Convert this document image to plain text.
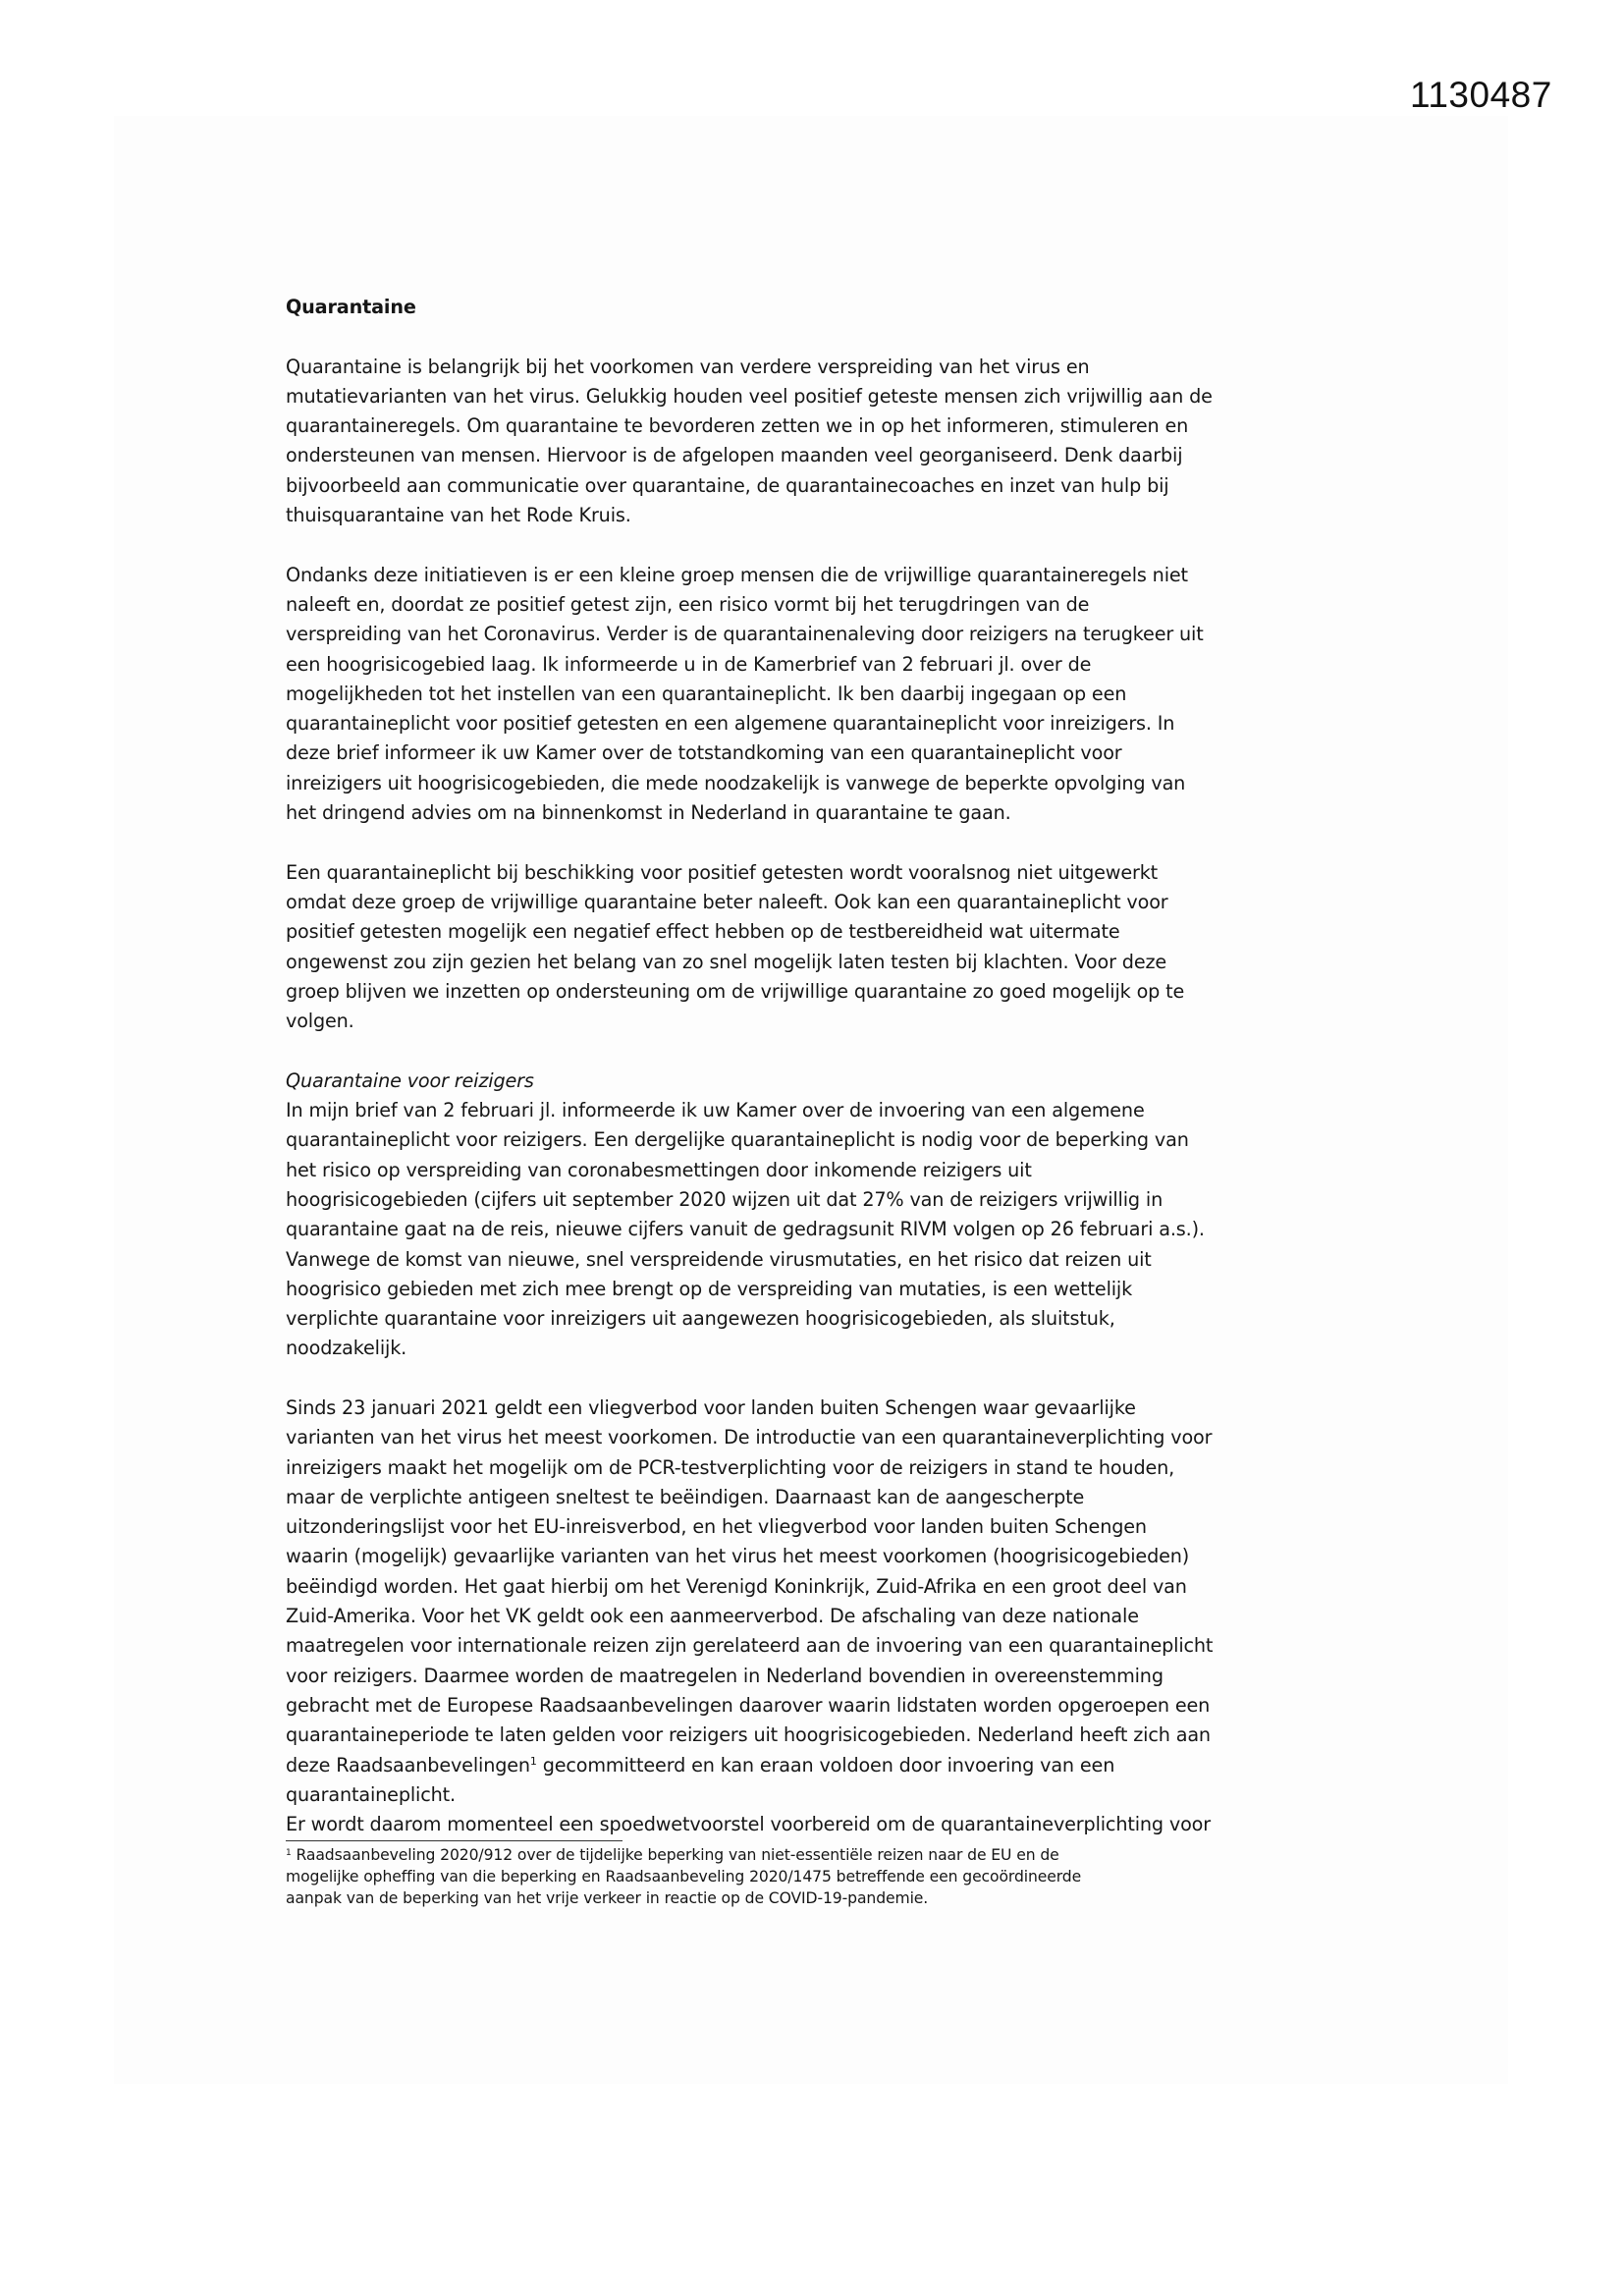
1130487
Quarantaine
Quarantaine is belangrijk bij het voorkomen van verdere verspreiding van het virus en
mutatievarianten van het virus. Gelukkig houden veel positief geteste mensen zich vrijwillig aan de
quarantaineregels. Om quarantaine te bevorderen zetten we in op het informeren, stimuleren en
ondersteunen van mensen. Hiervoor is de afgelopen maanden veel georganiseerd. Denk daarbij
bijvoorbeeld aan communicatie over quarantaine, de quarantainecoaches en inzet van hulp bij
thuisquarantaine van het Rode Kruis.
Ondanks deze initiatieven is er een kleine groep mensen die de vrijwillige quarantaineregels niet
naleeft en, doordat ze positief getest zijn, een risico vormt bij het terugdringen van de
verspreiding van het Coronavirus. Verder is de quarantainenaleving door reizigers na terugkeer uit
een hoogrisicogebied laag. Ik informeerde u in de Kamerbrief van 2 februari jl. over de
mogelijkheden tot het instellen van een quarantaineplicht. Ik ben daarbij ingegaan op een
quarantaineplicht voor positief getesten en een algemene quarantaineplicht voor inreizigers. In
deze brief informeer ik uw Kamer over de totstandkoming van een quarantaineplicht voor
inreizigers uit hoogrisicogebieden, die mede noodzakelijk is vanwege de beperkte opvolging van
het dringend advies om na binnenkomst in Nederland in quarantaine te gaan.
Een quarantaineplicht bij beschikking voor positief getesten wordt vooralsnog niet uitgewerkt
omdat deze groep de vrijwillige quarantaine beter naleeft. Ook kan een quarantaineplicht voor
positief getesten mogelijk een negatief effect hebben op de testbereidheid wat uitermate
ongewenst zou zijn gezien het belang van zo snel mogelijk laten testen bij klachten. Voor deze
groep blijven we inzetten op ondersteuning om de vrijwillige quarantaine zo goed mogelijk op te
volgen.
Quarantaine voor reizigers
In mijn brief van 2 februari jl. informeerde ik uw Kamer over de invoering van een algemene
quarantaineplicht voor reizigers. Een dergelijke quarantaineplicht is nodig voor de beperking van
het risico op verspreiding van coronabesmettingen door inkomende reizigers uit
hoogrisicogebieden (cijfers uit september 2020 wijzen uit dat 27% van de reizigers vrijwillig in
quarantaine gaat na de reis, nieuwe cijfers vanuit de gedragsunit RIVM volgen op 26 februari a.s.).
Vanwege de komst van nieuwe, snel verspreidende virusmutaties, en het risico dat reizen uit
hoogrisico gebieden met zich mee brengt op de verspreiding van mutaties, is een wettelijk
verplichte quarantaine voor inreizigers uit aangewezen hoogrisicogebieden, als sluitstuk,
noodzakelijk.
Sinds 23 januari 2021 geldt een vliegverbod voor landen buiten Schengen waar gevaarlijke
varianten van het virus het meest voorkomen. De introductie van een quarantaineverplichting voor
inreizigers maakt het mogelijk om de PCR-testverplichting voor de reizigers in stand te houden,
maar de verplichte antigeen sneltest te beëindigen. Daarnaast kan de aangescherpte
uitzonderingslijst voor het EU-inreisverbod, en het vliegverbod voor landen buiten Schengen
waarin (mogelijk) gevaarlijke varianten van het virus het meest voorkomen (hoogrisicogebieden)
beëindigd worden. Het gaat hierbij om het Verenigd Koninkrijk, Zuid-Afrika en een groot deel van
Zuid-Amerika. Voor het VK geldt ook een aanmeerverbod. De afschaling van deze nationale
maatregelen voor internationale reizen zijn gerelateerd aan de invoering van een quarantaineplicht
voor reizigers. Daarmee worden de maatregelen in Nederland bovendien in overeenstemming
gebracht met de Europese Raadsaanbevelingen daarover waarin lidstaten worden opgeroepen een
quarantaineperiode te laten gelden voor reizigers uit hoogrisicogebieden. Nederland heeft zich aan
deze Raadsaanbevelingen$^1$ gecommitteerd en kan eraan voldoen door invoering van een
quarantaineplicht.
Er wordt daarom momenteel een spoedwetvoorstel voorbereid om de quarantaineverplichting voor
$^1$ Raadsaanbeveling 2020/912 over de tijdelijke beperking van niet-essentiële reizen naar de EU en de
mogelijke opheffing van die beperking en Raadsaanbeveling 2020/1475 betreffende een gecoördineerde
aanpak van de beperking van het vrije verkeer in reactie op de COVID-19-pandemie.
